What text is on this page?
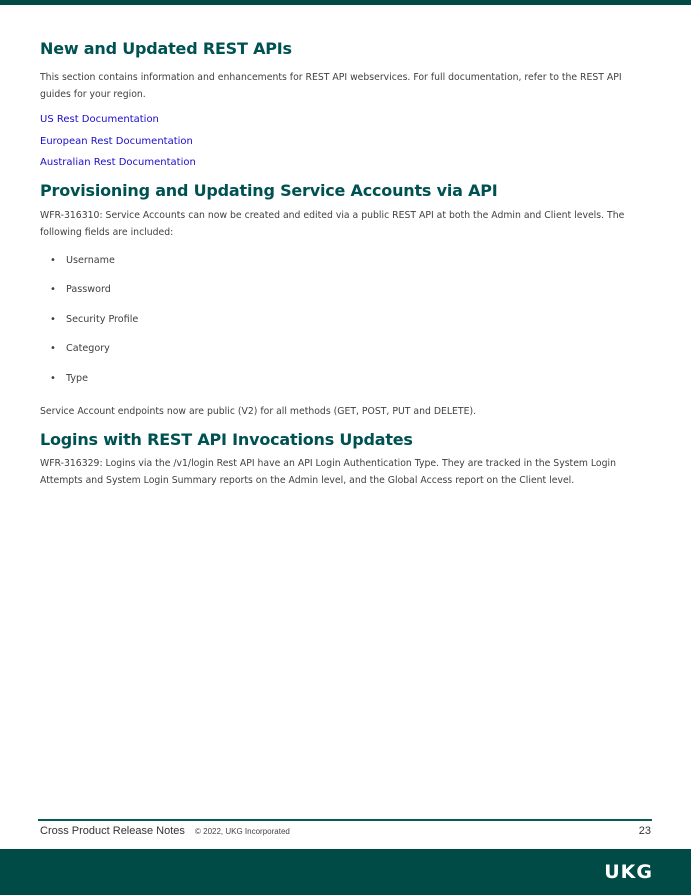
New and Updated REST APIs

This section contains information and enhancements for REST API webservices. For full documentation, refer to the REST API guides for your region.

US Rest Documentation
European Rest Documentation
Australian Rest Documentation
Provisioning and Updating Service Accounts via API

WFR-316310: Service Accounts can now be created and edited via a public REST API at both the Admin and Client levels. The following fields are included:

• Username
• Password
• Security Profile
• Category
• Type

Service Account endpoints now are public (V2) for all methods (GET, POST, PUT and DELETE).

Logins with REST API Invocations Updates

WFR-316329: Logins via the /v1/login Rest API have an API Login Authentication Type. They are tracked in the System Login Attempts and System Login Summary reports on the Admin level, and the Global Access report on the Client level.

Cross Product Release Notes © 2022, UKG Incorporated	23
UKG
